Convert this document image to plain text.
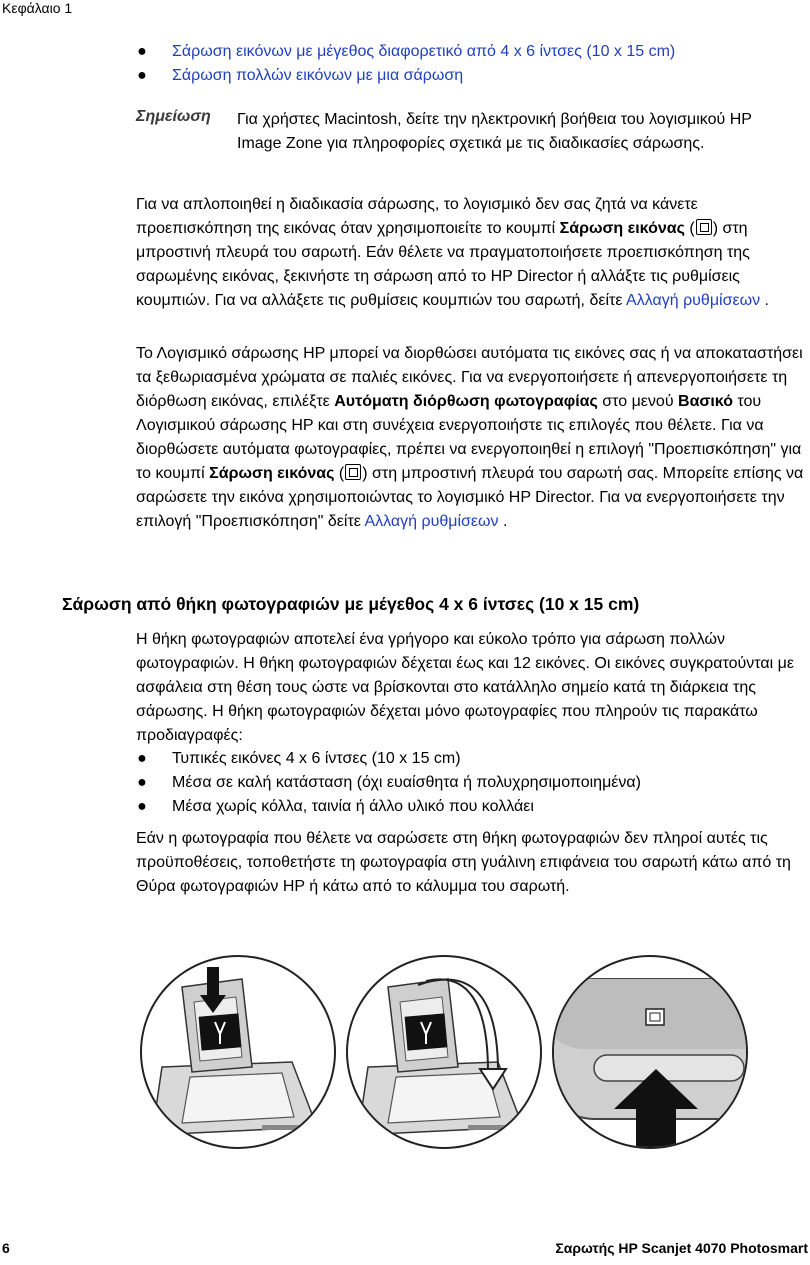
Κεφάλαιο 1
● Σάρωση εικόνων με μέγεθος διαφορετικό από 4 x 6 ίντσες (10 x 15 cm)
● Σάρωση πολλών εικόνων με μια σάρωση
Σημείωση Για χρήστες Macintosh, δείτε την ηλεκτρονική βοήθεια του λογισμικού HP Image Zone για πληροφορίες σχετικά με τις διαδικασίες σάρωσης.
Για να απλοποιηθεί η διαδικασία σάρωσης, το λογισμικό δεν σας ζητά να κάνετε προεπισκόπηση της εικόνας όταν χρησιμοποιείτε το κουμπί Σάρωση εικόνας ( ) στη μπροστινή πλευρά του σαρωτή. Εάν θέλετε να πραγματοποιήσετε προεπισκόπηση της σαρωμένης εικόνας, ξεκινήστε τη σάρωση από το HP Director ή αλλάξτε τις ρυθμίσεις κουμπιών. Για να αλλάξετε τις ρυθμίσεις κουμπιών του σαρωτή, δείτε Αλλαγή ρυθμίσεων .
Το Λογισμικό σάρωσης HP μπορεί να διορθώσει αυτόματα τις εικόνες σας ή να αποκαταστήσει τα ξεθωριασμένα χρώματα σε παλιές εικόνες. Για να ενεργοποιήσετε ή απενεργοποιήσετε τη διόρθωση εικόνας, επιλέξτε Αυτόματη διόρθωση φωτογραφίας στο μενού Βασικό του Λογισμικού σάρωσης HP και στη συνέχεια ενεργοποιήστε τις επιλογές που θέλετε. Για να διορθώσετε αυτόματα φωτογραφίες, πρέπει να ενεργοποιηθεί η επιλογή "Προεπισκόπηση" για το κουμπί Σάρωση εικόνας ( ) στη μπροστινή πλευρά του σαρωτή σας. Μπορείτε επίσης να σαρώσετε την εικόνα χρησιμοποιώντας το λογισμικό HP Director. Για να ενεργοποιήσετε την επιλογή "Προεπισκόπηση" δείτε Αλλαγή ρυθμίσεων .
Σάρωση από θήκη φωτογραφιών με μέγεθος 4 x 6 ίντσες (10 x 15 cm)
Η θήκη φωτογραφιών αποτελεί ένα γρήγορο και εύκολο τρόπο για σάρωση πολλών φωτογραφιών. Η θήκη φωτογραφιών δέχεται έως και 12 εικόνες. Οι εικόνες συγκρατούνται με ασφάλεια στη θέση τους ώστε να βρίσκονται στο κατάλληλο σημείο κατά τη διάρκεια της σάρωσης. Η θήκη φωτογραφιών δέχεται μόνο φωτογραφίες που πληρούν τις παρακάτω προδιαγραφές:
● Τυπικές εικόνες 4 x 6 ίντσες (10 x 15 cm)
● Μέσα σε καλή κατάσταση (όχι ευαίσθητα ή πολυχρησιμοποιημένα)
● Μέσα χωρίς κόλλα, ταινία ή άλλο υλικό που κολλάει
Εάν η φωτογραφία που θέλετε να σαρώσετε στη θήκη φωτογραφιών δεν πληροί αυτές τις προϋποθέσεις, τοποθετήστε τη φωτογραφία στη γυάλινη επιφάνεια του σαρωτή κάτω από τη Θύρα φωτογραφιών HP ή κάτω από το κάλυμμα του σαρωτή.
1	2	3
6	Σαρωτής HP Scanjet 4070 Photosmart
